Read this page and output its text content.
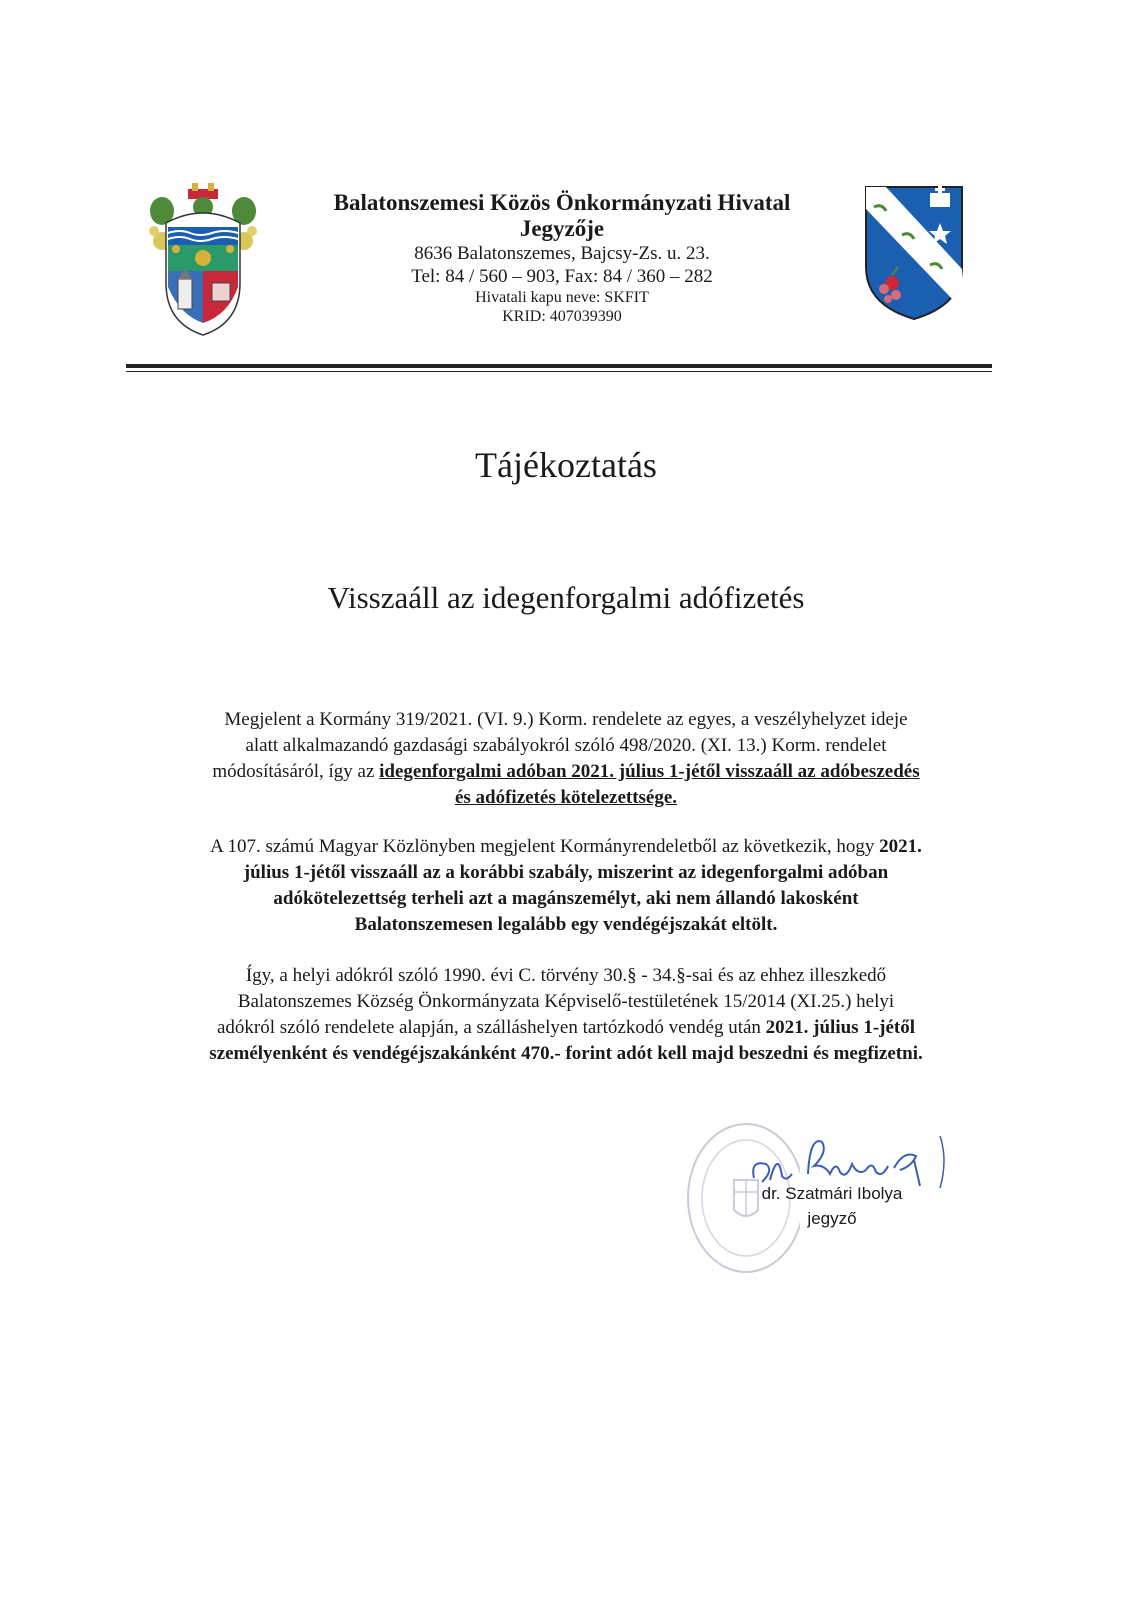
Balatonszemesi Közös Önkormányzati Hivatal
Jegyzője
8636 Balatonszemes, Bajcsy-Zs. u. 23.
Tel: 84 / 560 – 903, Fax: 84 / 360 – 282
Hivatali kapu neve: SKFIT
KRID: 407039390
Tájékoztatás
Visszaáll az idegenforgalmi adófizetés
Megjelent a Kormány 319/2021. (VI. 9.) Korm. rendelete az egyes, a veszélyhelyzet ideje
alatt alkalmazandó gazdasági szabályokról szóló 498/2020. (XI. 13.) Korm. rendelet
módosításáról, így az idegenforgalmi adóban 2021. július 1-jétől visszaáll az adóbeszedés
és adófizetés kötelezettsége.
A 107. számú Magyar Közlönyben megjelent Kormányrendeletből az következik, hogy 2021.
július 1-jétől visszaáll az a korábbi szabály, miszerint az idegenforgalmi adóban
adókötelezettség terheli azt a magánszemélyt, aki nem állandó lakosként
Balatonszemesen legalább egy vendégéjszakát eltölt.
Így, a helyi adókról szóló 1990. évi C. törvény 30.§ - 34.§-sai és az ehhez illeszkedő
Balatonszemes Község Önkormányzata Képviselő-testületének 15/2014 (XI.25.) helyi
adókról szóló rendelete alapján, a szálláshelyen tartózkodó vendég után 2021. július 1-jétől
személyenként és vendégéjszakánként 470.- forint adót kell majd beszedni és megfizetni.
dr. Szatmári Ibolya
jegyző
